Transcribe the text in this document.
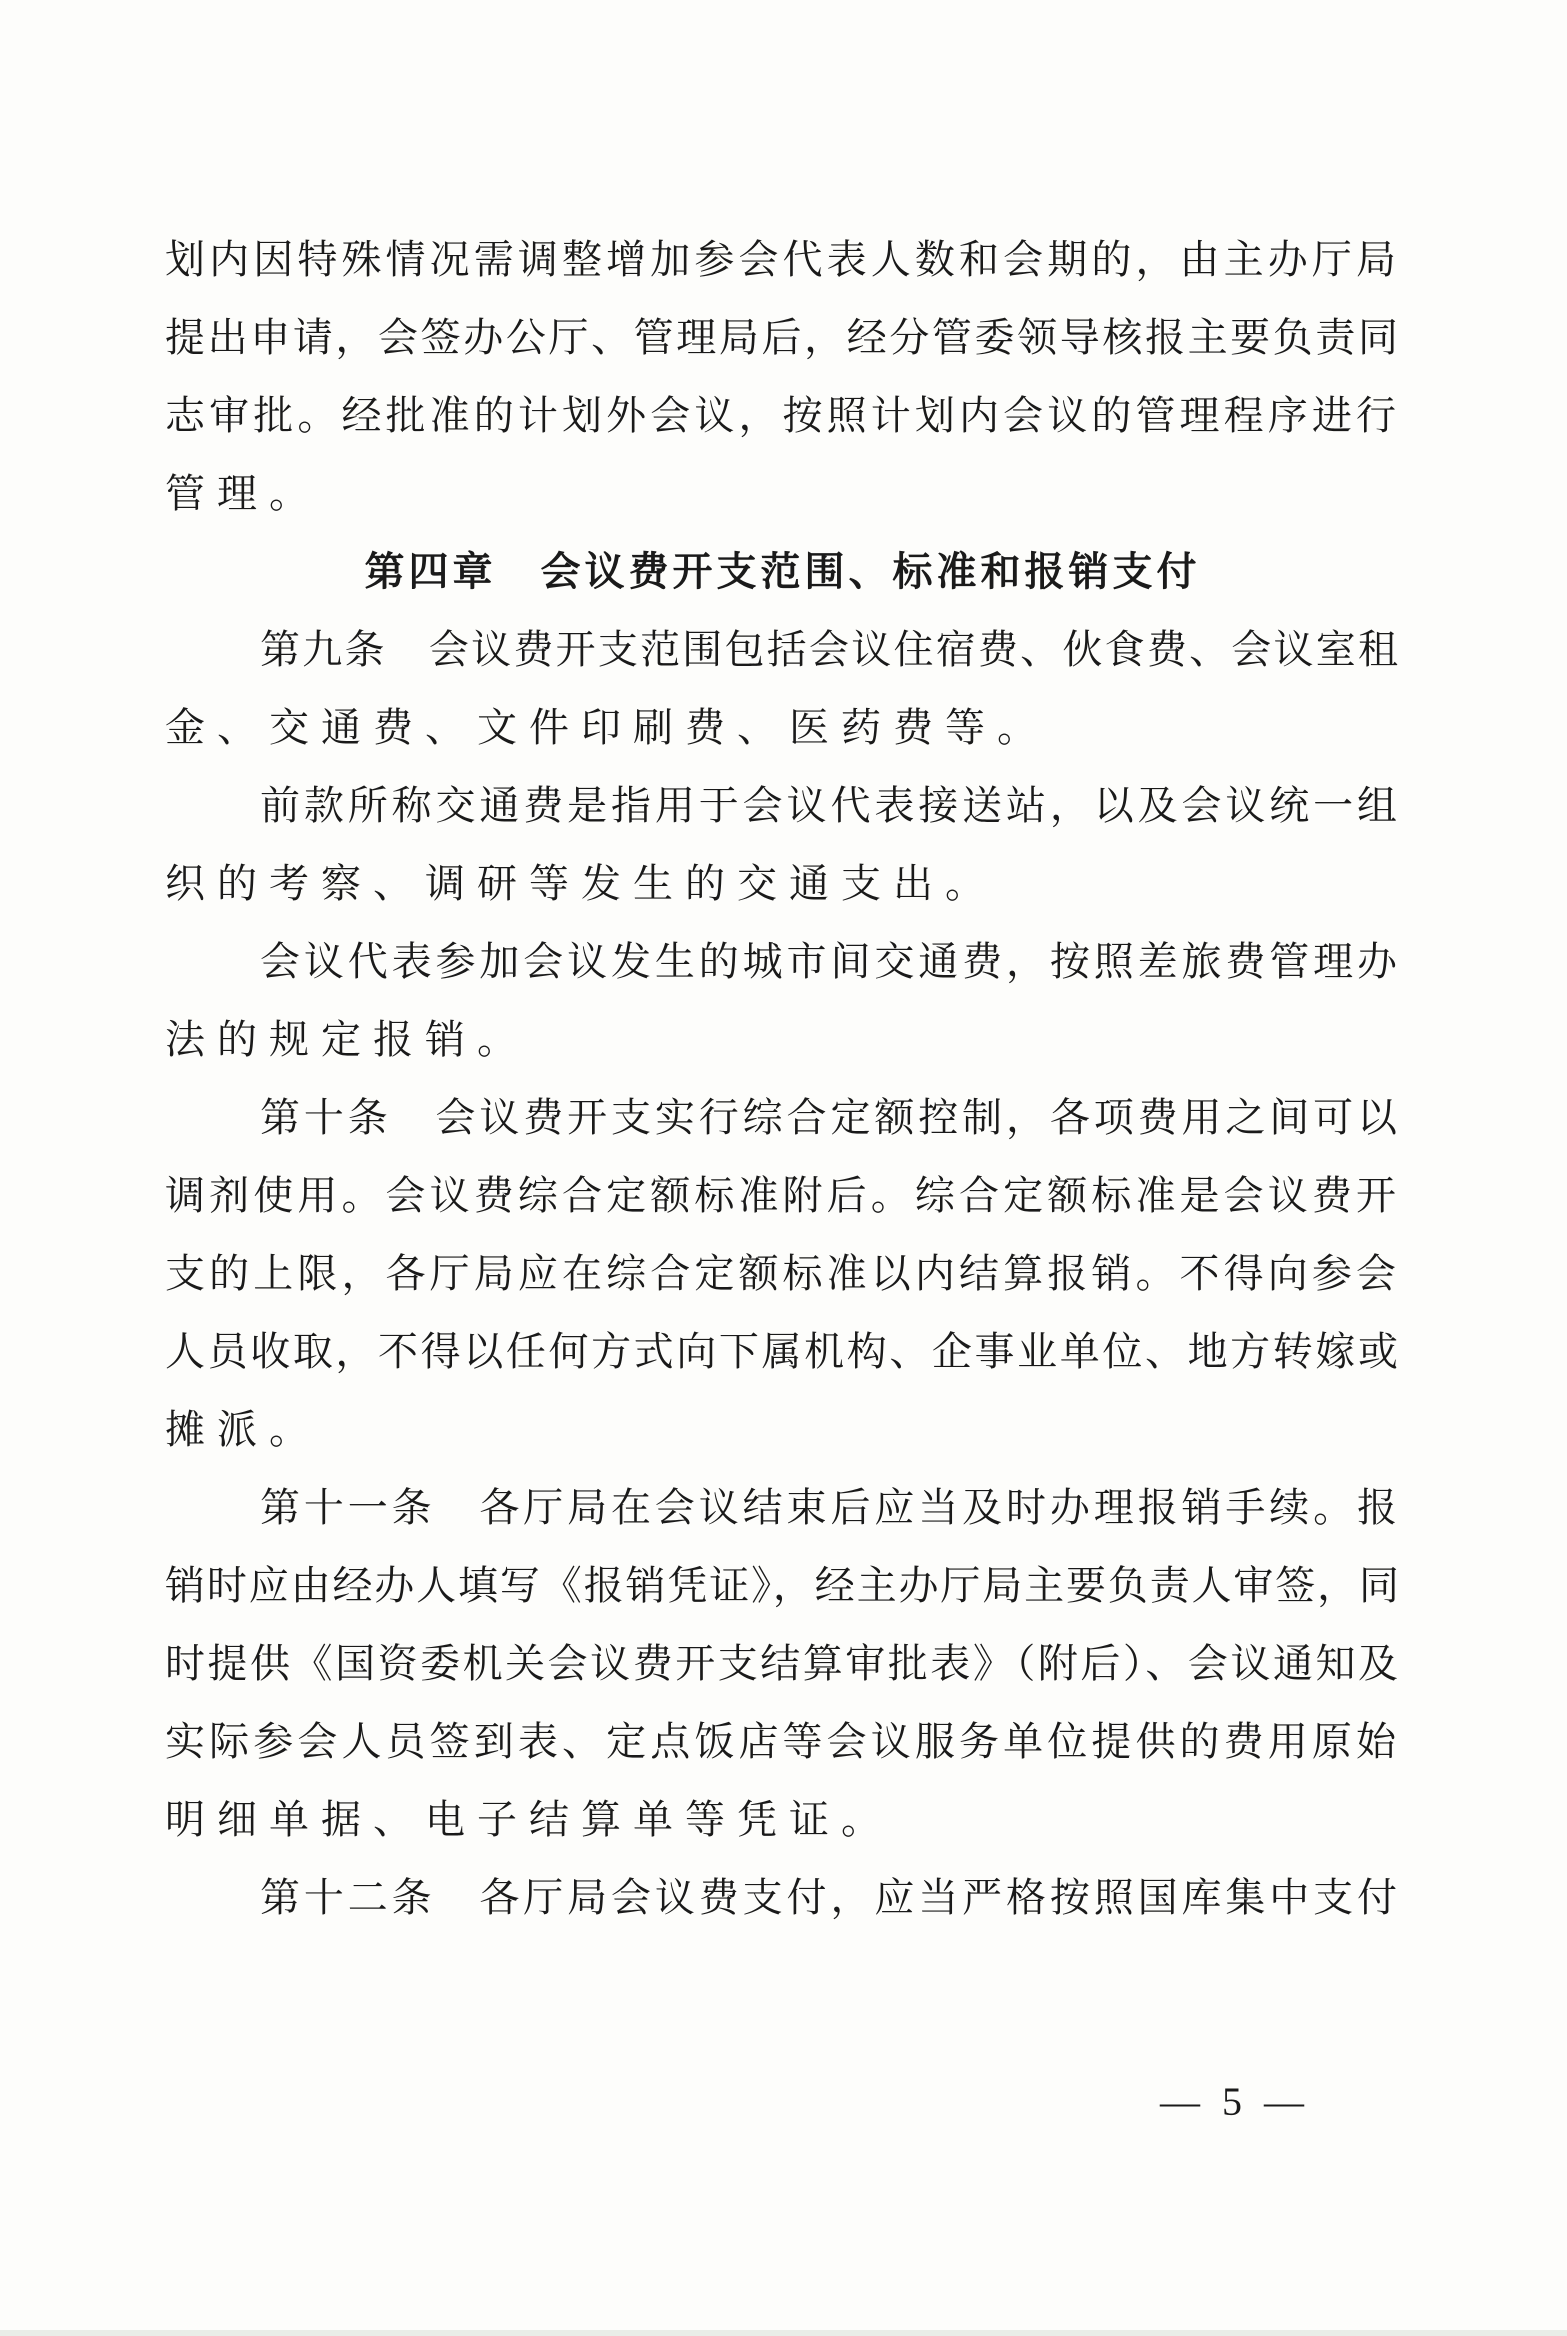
划内因特殊情况需调整增加参会代表人数和会期的，由主办厅局
提出申请，会签办公厅、管理局后，经分管委领导核报主要负责同
志审批。经批准的计划外会议，按照计划内会议的管理程序进行
管理。
第四章　会议费开支范围、标准和报销支付
第九条　会议费开支范围包括会议住宿费、伙食费、会议室租
金、交通费、文件印刷费、医药费等。
前款所称交通费是指用于会议代表接送站，以及会议统一组
织的考察、调研等发生的交通支出。
会议代表参加会议发生的城市间交通费，按照差旅费管理办
法的规定报销。
第十条　会议费开支实行综合定额控制，各项费用之间可以
调剂使用。会议费综合定额标准附后。综合定额标准是会议费开
支的上限，各厅局应在综合定额标准以内结算报销。不得向参会
人员收取，不得以任何方式向下属机构、企事业单位、地方转嫁或
摊派。
第十一条　各厅局在会议结束后应当及时办理报销手续。报
销时应由经办人填写《报销凭证》，经主办厅局主要负责人审签，同
时提供《国资委机关会议费开支结算审批表》（附后）、会议通知及
实际参会人员签到表、定点饭店等会议服务单位提供的费用原始
明细单据、电子结算单等凭证。
第十二条　各厅局会议费支付，应当严格按照国库集中支付
— 5 —
